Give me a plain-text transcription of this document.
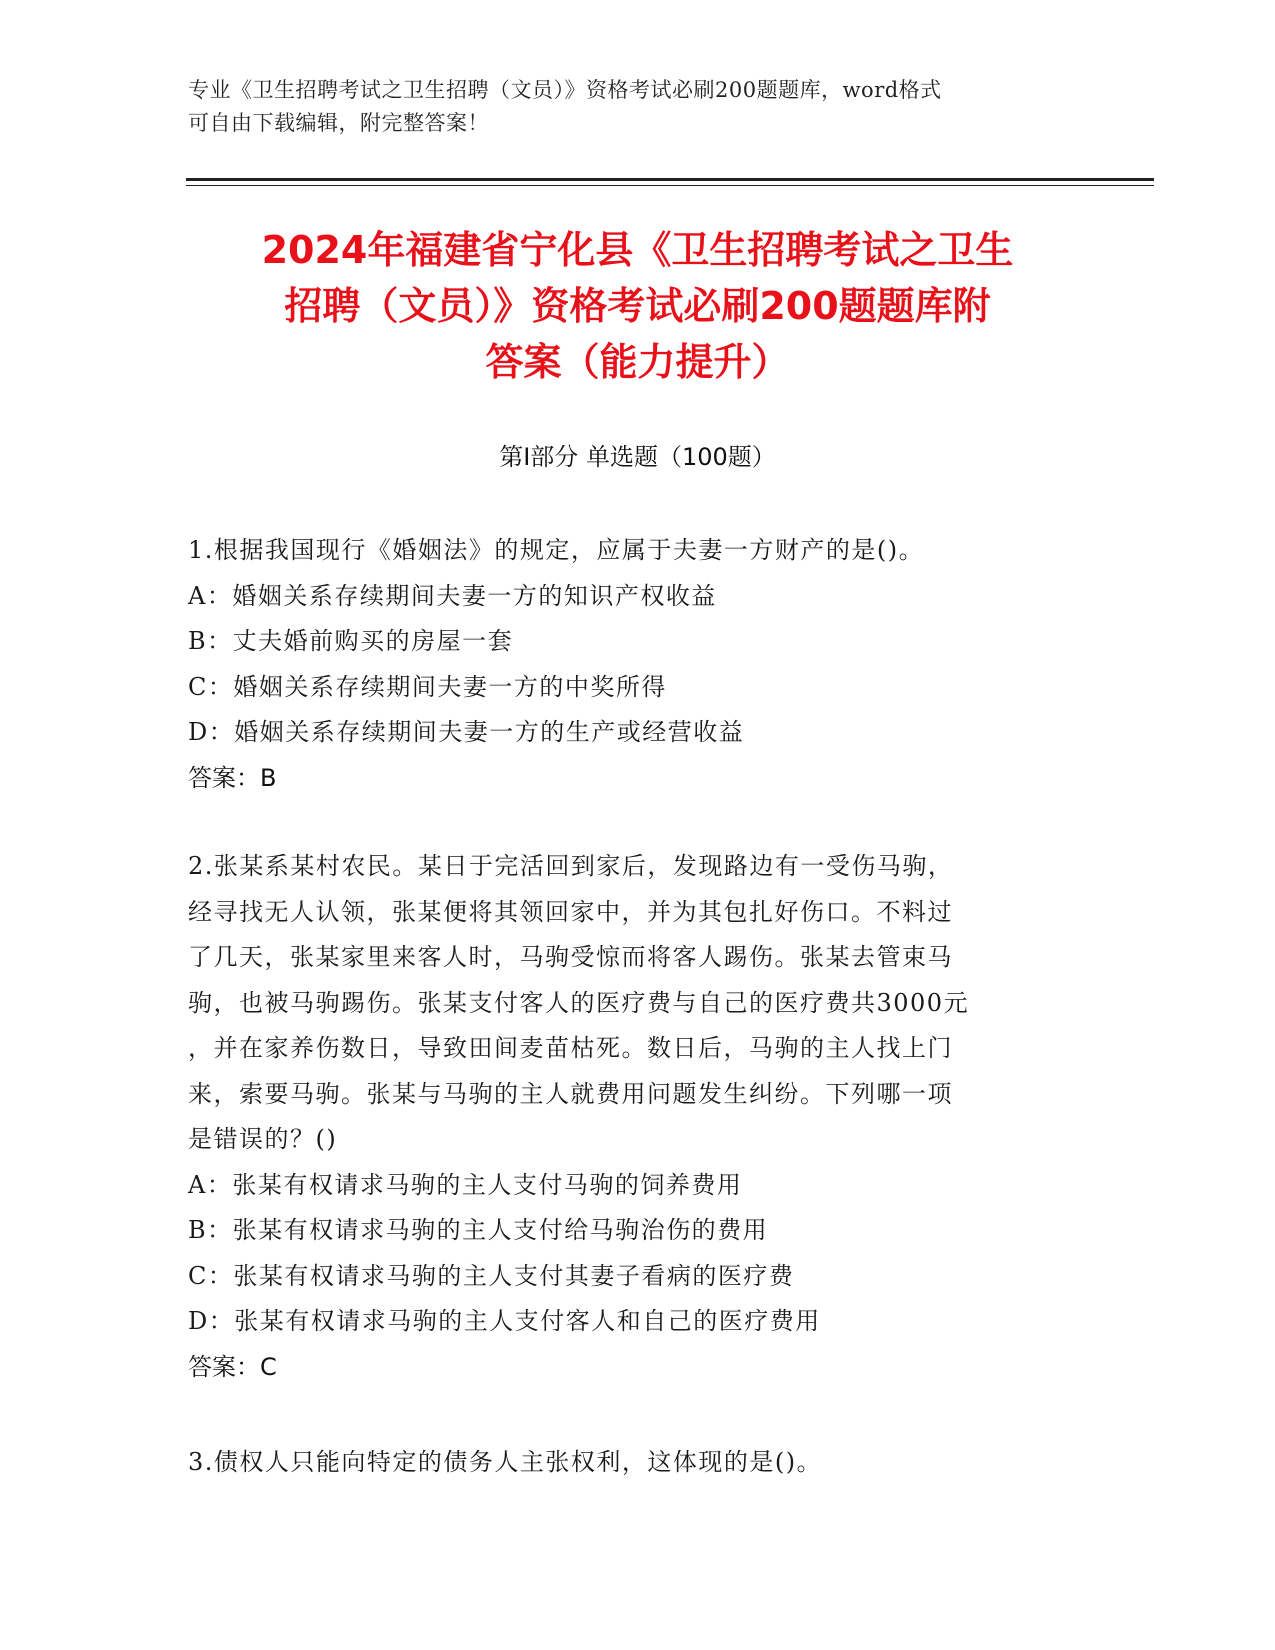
专业《卫生招聘考试之卫生招聘（文员）》资格考试必刷200题题库，word格式
可自由下载编辑，附完整答案！
2024年福建省宁化县《卫生招聘考试之卫生
招聘（文员）》资格考试必刷200题题库附
答案（能力提升）
第Ⅰ部分 单选题（100题）
1.根据我国现行《婚姻法》的规定，应属于夫妻一方财产的是()。
A：婚姻关系存续期间夫妻一方的知识产权收益
B：丈夫婚前购买的房屋一套
C：婚姻关系存续期间夫妻一方的中奖所得
D：婚姻关系存续期间夫妻一方的生产或经营收益
答案：B
2.张某系某村农民。某日于完活回到家后，发现路边有一受伤马驹，
经寻找无人认领，张某便将其领回家中，并为其包扎好伤口。不料过
了几天，张某家里来客人时，马驹受惊而将客人踢伤。张某去管束马
驹，也被马驹踢伤。张某支付客人的医疗费与自己的医疗费共3000元
，并在家养伤数日，导致田间麦苗枯死。数日后，马驹的主人找上门
来，索要马驹。张某与马驹的主人就费用问题发生纠纷。下列哪一项
是错误的？()
A：张某有权请求马驹的主人支付马驹的饲养费用
B：张某有权请求马驹的主人支付给马驹治伤的费用
C：张某有权请求马驹的主人支付其妻子看病的医疗费
D：张某有权请求马驹的主人支付客人和自己的医疗费用
答案：C
3.债权人只能向特定的债务人主张权利，这体现的是()。
